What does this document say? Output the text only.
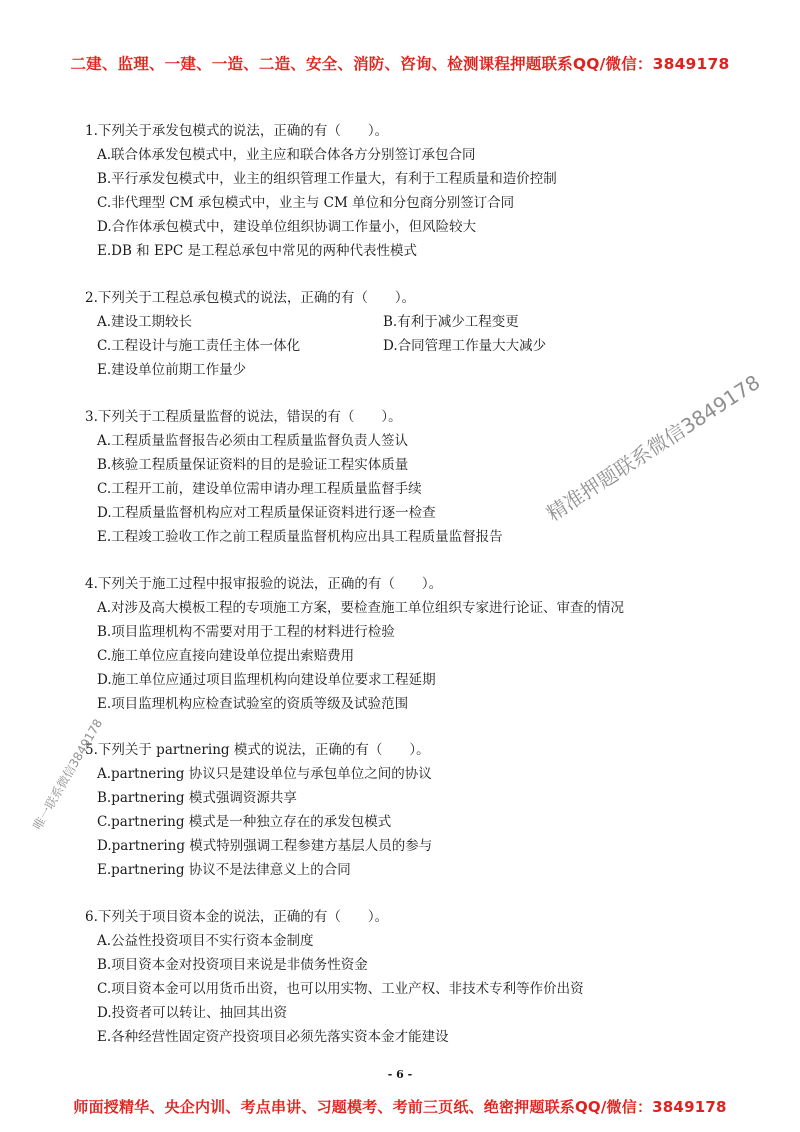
二建、监理、一建、一造、二造、安全、消防、咨询、检测课程押题联系QQ/微信：3849178
1.下列关于承发包模式的说法，正确的有（　　）。
A.联合体承发包模式中，业主应和联合体各方分别签订承包合同
B.平行承发包模式中，业主的组织管理工作量大，有利于工程质量和造价控制
C.非代理型 CM 承包模式中，业主与 CM 单位和分包商分别签订合同
D.合作体承包模式中，建设单位组织协调工作量小，但风险较大
E.DB 和 EPC 是工程总承包中常见的两种代表性模式
2.下列关于工程总承包模式的说法，正确的有（　　）。
A.建设工期较长	B.有利于减少工程变更
C.工程设计与施工责任主体一体化	D.合同管理工作量大大减少
E.建设单位前期工作量少
3.下列关于工程质量监督的说法，错误的有（　　）。
A.工程质量监督报告必须由工程质量监督负责人签认
B.核验工程质量保证资料的目的是验证工程实体质量
C.工程开工前，建设单位需申请办理工程质量监督手续
D.工程质量监督机构应对工程质量保证资料进行逐一检查
E.工程竣工验收工作之前工程质量监督机构应出具工程质量监督报告
4.下列关于施工过程中报审报验的说法，正确的有（　　）。
A.对涉及高大模板工程的专项施工方案，要检查施工单位组织专家进行论证、审查的情况
B.项目监理机构不需要对用于工程的材料进行检验
C.施工单位应直接向建设单位提出索赔费用
D.施工单位应通过项目监理机构向建设单位要求工程延期
E.项目监理机构应检查试验室的资质等级及试验范围
5.下列关于 partnering 模式的说法，正确的有（　　）。
A.partnering 协议只是建设单位与承包单位之间的协议
B.partnering 模式强调资源共享
C.partnering 模式是一种独立存在的承发包模式
D.partnering 模式特别强调工程参建方基层人员的参与
E.partnering 协议不是法律意义上的合同
6.下列关于项目资本金的说法，正确的有（　　）。
A.公益性投资项目不实行资本金制度
B.项目资本金对投资项目来说是非债务性资金
C.项目资本金可以用货币出资，也可以用实物、工业产权、非技术专利等作价出资
D.投资者可以转让、抽回其出资
E.各种经营性固定资产投资项目必须先落实资本金才能建设
精准押题联系微信3849178
唯一联系微信3849178
- 6 -
师面授精华、央企内训、考点串讲、习题模考、考前三页纸、绝密押题联系QQ/微信：3849178
